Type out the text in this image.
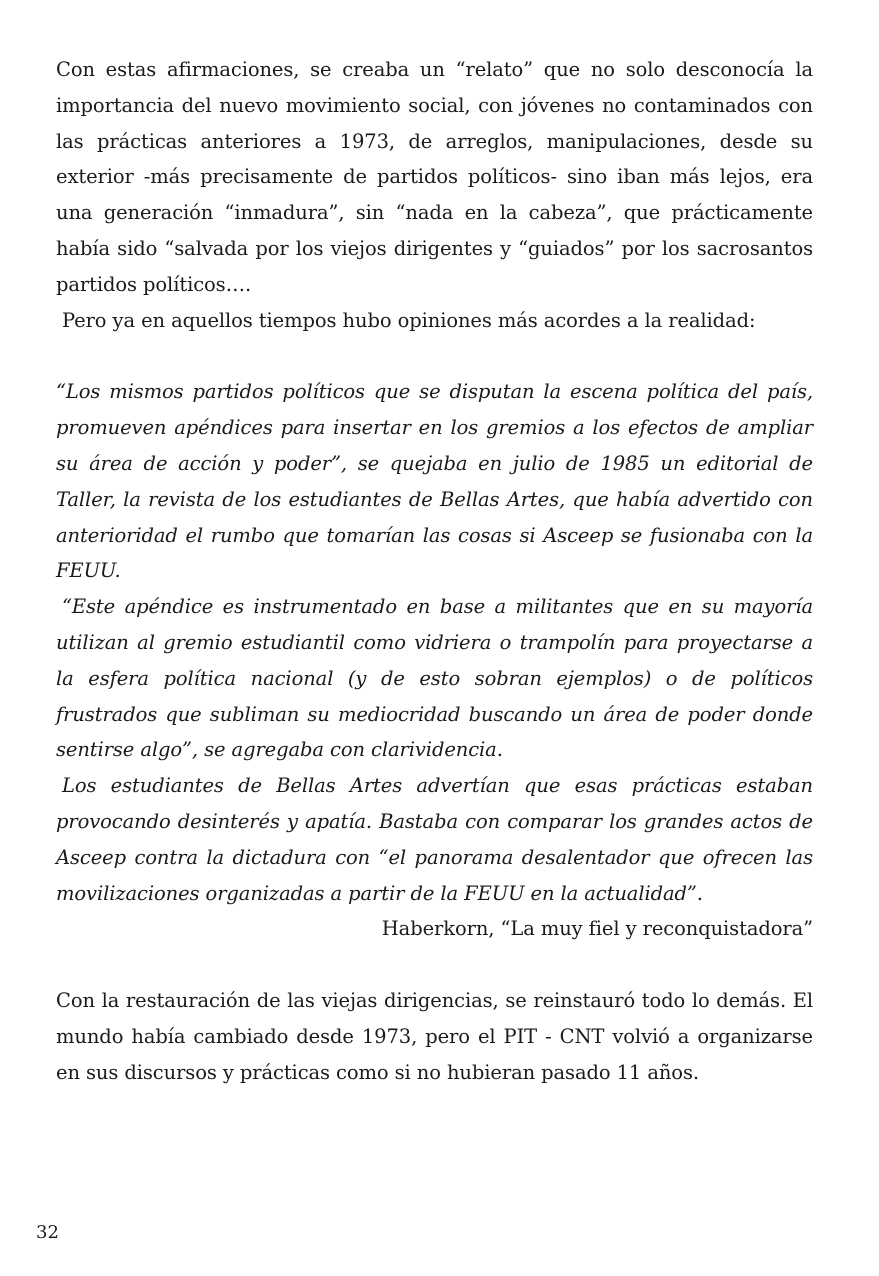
Con estas afirmaciones, se creaba un “relato” que no solo desconocía la importancia del nuevo movimiento social, con jóvenes no contaminados con las prácticas anteriores a 1973, de arreglos, manipulaciones, desde su exterior -más precisamente de partidos políticos- sino iban más lejos, era una generación “inmadura”, sin “nada en la cabeza”, que prácticamente había sido “salvada por los viejos dirigentes y “guiados” por los sacrosantos partidos políticos….

Pero ya en aquellos tiempos hubo opiniones más acordes a la realidad:

“Los mismos partidos políticos que se disputan la escena política del país, promueven apéndices para insertar en los gremios a los efectos de ampliar su área de acción y poder”, se quejaba en julio de 1985 un editorial de Taller, la revista de los estudiantes de Bellas Artes, que había advertido con anterioridad el rumbo que tomarían las cosas si Asceep se fusionaba con la FEUU.

“Este apéndice es instrumentado en base a militantes que en su mayoría utilizan al gremio estudiantil como vidriera o trampolín para proyectarse a la esfera política nacional (y de esto sobran ejemplos) o de políticos frustrados que subliman su mediocridad buscando un área de poder donde sentirse algo”, se agregaba con clarividencia.

Los estudiantes de Bellas Artes advertían que esas prácticas estaban provocando desinterés y apatía. Bastaba con comparar los grandes actos de Asceep contra la dictadura con “el panorama desalentador que ofrecen las movilizaciones organizadas a partir de la FEUU en la actualidad”.

Haberkorn, “La muy fiel y reconquistadora”

Con la restauración de las viejas dirigencias, se reinstauró todo lo demás. El mundo había cambiado desde 1973, pero el PIT - CNT volvió a organizarse en sus discursos y prácticas como si no hubieran pasado 11 años.

32
